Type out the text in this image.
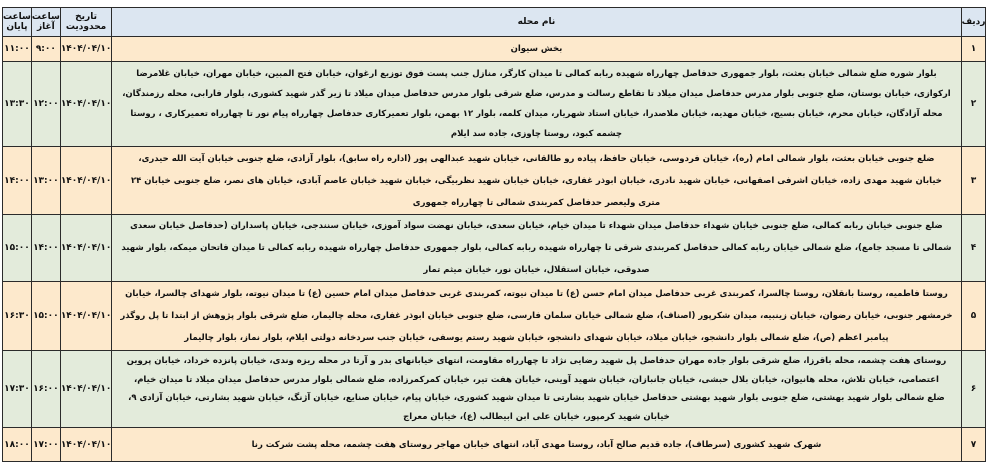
ردیف	نام محله	تاریخ محدودیت	ساعت آغاز	ساعت پایان
۱	بخش سیوان	۱۴۰۴/۰۴/۱۰	۹:۰۰	۱۱:۰۰
۲	بلوار شوره ضلع شمالی خیابان بعثت، بلوار جمهوری حدفاصل چهارراه شهیده ربابه کمالی تا میدان کارگر، منازل جنب پست فوق توزیع ارغوان، خیابان فتح المبین، خیابان مهران، خیابان غلامرضا
ارکوازی، خیابان بوستان، ضلع جنوبی بلوار مدرس حدفاصل میدان میلاد تا تقاطع رسالت و مدرس، ضلع شرقی بلوار مدرس حدفاصل میدان میلاد تا زیر گذر شهید کشوری، بلوار فارابی، محله رزمندگان،
محله آزادگان، خیابان محرم، خیابان بسیج، خیابان مهدیه، خیابان ملاصدرا، خیابان استاد شهریار، میدان کلمه، بلوار ۱۲ بهمن، بلوار تعمیرکاری حدفاصل چهارراه پیام نور تا چهارراه تعمیرکاری ، روستا
چشمه کبود، روستا چاوزی، جاده سد ایلام	۱۴۰۴/۰۴/۱۰	۱۲:۰۰	۱۳:۳۰
۳	ضلع جنوبی خیابان بعثت، بلوار شمالی امام (ره)، خیابان فردوسی، خیابان حافظ، پیاده رو طالقانی، خیابان شهید عبدالهی پور (اداره راه سابق)، بلوار آزادی، ضلع جنوبی خیابان آیت الله حیدری،
خیابان شهید مهدی زاده، خیابان اشرفی اصفهانی، خیابان شهید نادری، خیابان ابوذر غفاری، خیابان خیابان شهید نظربیگی، خیابان شهید خیابان عاصم آبادی، خیابان های نصر، ضلع جنوبی خیابان ۲۴
متری ولیعصر حدفاصل کمربندی شمالی تا چهارراه جمهوری	۱۴۰۴/۰۴/۱۰	۱۳:۰۰	۱۴:۰۰
۴	ضلع جنوبی خیابان ربابه کمالی، ضلع جنوبی خیابان شهداء حدفاصل میدان شهداء تا میدان خیام، خیابان سعدی، خیابان نهضت سواد آموزی، خیابان سنندجی، خیابان پاسداران (حدفاصل خیابان سعدی
شمالی تا مسجد جامع)، ضلع شمالی خیابان ربابه کمالی حدفاصل کمربندی شرقی تا چهارراه شهیده ربابه کمالی، بلوار جمهوری حدفاصل چهارراه شهیده ربابه کمالی تا میدان فاتحان میمکه، بلوار شهید
صدوقی، خیابان استقلال، خیابان نور، خیابان میثم تمار	۱۴۰۴/۰۴/۱۰	۱۴:۰۰	۱۵:۰۰
۵	روستا فاطمیه، روستا بانقلان، روستا چالسرا، کمربندی غربی حدفاصل میدان امام حسن (ع) تا میدان نیوته، کمربندی غربی حدفاصل میدان امام حسین (ع) تا میدان نیوته، بلوار شهدای چالسرا، خیابان
خرمشهر جنوبی، خیابان رضوان، خیابان زینبیه، میدان شکرپور (اصناف)، ضلع شمالی خیابان سلمان فارسی، ضلع جنوبی خیابان ابوذر غفاری، محله چالیمار، ضلع شرقی بلوار پژوهش از ابتدا تا پل روگذر
پیامبر اعظم (ص)، ضلع شمالی بلوار دانشجو، خیابان میلاد، خیابان شهدای دانشجو، خیابان شهید رستم یوسفی، خیابان جنب سردخانه دولتی ایلام، بلوار نماز، بلوار چالیمار	۱۴۰۴/۰۴/۱۰	۱۵:۰۰	۱۶:۳۰
۶	روستای هفت چشمه، محله باقرزا، ضلع شرقی بلوار جاده مهران حدفاصل پل شهید رضایی نژاد تا چهارراه مقاومت، انتهای خیابانهای بدر و آرتا در محله ریزه وندی، خیابان پانزده خرداد، خیابان پروین
اعتصامی، خیابان تلاش، محله هانیوان، خیابان بلال حبشی، خیابان جانبازان، خیابان شهید آوینی، خیابان هفت تیر، خیابان کمرکمرزاده، ضلع شمالی بلوار مدرس حدفاصل میدان میلاد تا میدان خیام،
ضلع شمالی بلوار شهید بهشتی، ضلع جنوبی بلوار شهید بهشتی حدفاصل خیابان شهید بشارتی تا میدان شهید کشوری، خیابان پیام، خیابان صنایع، خیابان آژنگ، خیابان شهید بشارتی، خیابان آزادی ۹،
خیابان شهید کرمپور، خیابان علی ابن ابیطالب (ع)، خیابان معراج	۱۴۰۴/۰۴/۱۰	۱۶:۰۰	۱۷:۳۰
۷	شهرک شهید کشوری (سرطاف)، جاده قدیم صالح آباد، روستا مهدی آباد، انتهای خیابان مهاجر روستای هفت چشمه، محله پشت شرکت رنا	۱۴۰۴/۰۴/۱۰	۱۷:۰۰	۱۸:۰۰
